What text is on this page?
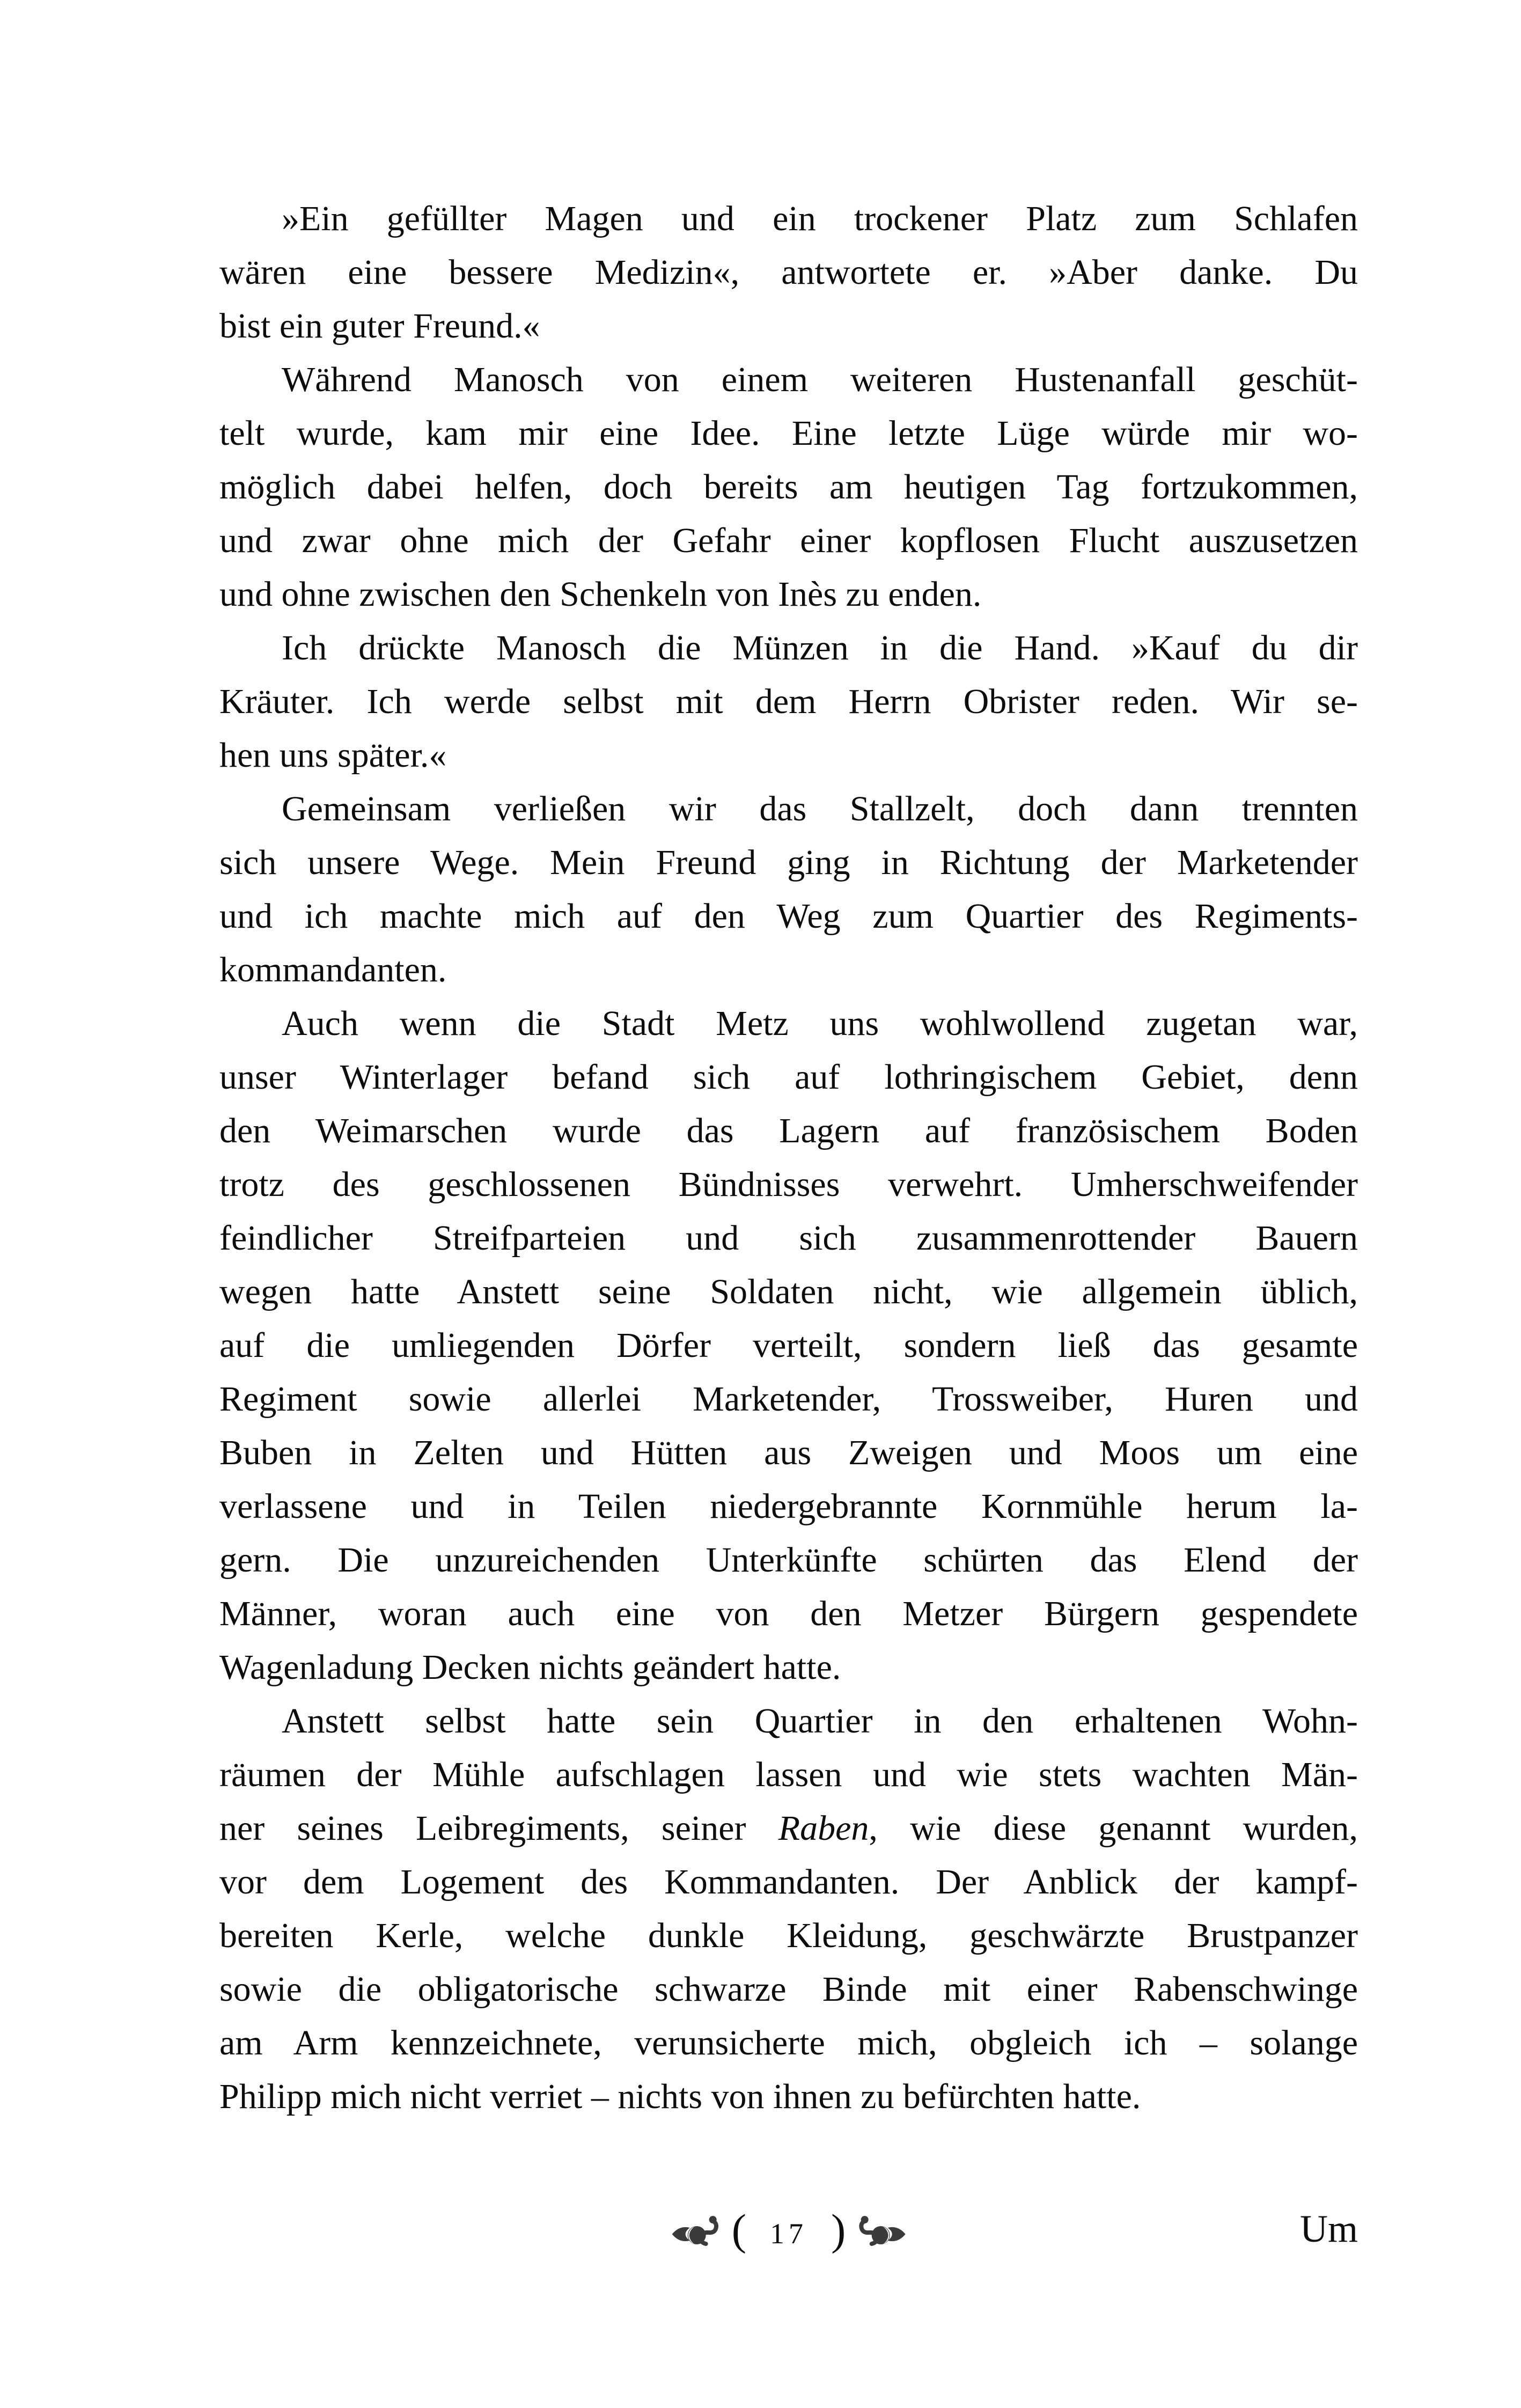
»Ein gefüllter Magen und ein trockener Platz zum Schlafen
wären eine bessere Medizin«, antwortete er. »Aber danke. Du
bist ein guter Freund.«
Während Manosch von einem weiteren Hustenanfall geschüt-
telt wurde, kam mir eine Idee. Eine letzte Lüge würde mir wo-
möglich dabei helfen, doch bereits am heutigen Tag fortzukommen,
und zwar ohne mich der Gefahr einer kopflosen Flucht auszusetzen
und ohne zwischen den Schenkeln von Inès zu enden.
Ich drückte Manosch die Münzen in die Hand. »Kauf du dir
Kräuter. Ich werde selbst mit dem Herrn Obrister reden. Wir se-
hen uns später.«
Gemeinsam verließen wir das Stallzelt, doch dann trennten
sich unsere Wege. Mein Freund ging in Richtung der Marketender
und ich machte mich auf den Weg zum Quartier des Regiments-
kommandanten.
Auch wenn die Stadt Metz uns wohlwollend zugetan war,
unser Winterlager befand sich auf lothringischem Gebiet, denn
den Weimarschen wurde das Lagern auf französischem Boden
trotz des geschlossenen Bündnisses verwehrt. Umherschweifender
feindlicher Streifparteien und sich zusammenrottender Bauern
wegen hatte Anstett seine Soldaten nicht, wie allgemein üblich,
auf die umliegenden Dörfer verteilt, sondern ließ das gesamte
Regiment sowie allerlei Marketender, Trossweiber, Huren und
Buben in Zelten und Hütten aus Zweigen und Moos um eine
verlassene und in Teilen niedergebrannte Kornmühle herum la-
gern. Die unzureichenden Unterkünfte schürten das Elend der
Männer, woran auch eine von den Metzer Bürgern gespendete
Wagenladung Decken nichts geändert hatte.
Anstett selbst hatte sein Quartier in den erhaltenen Wohn-
räumen der Mühle aufschlagen lassen und wie stets wachten Män-
ner seines Leibregiments, seiner Raben, wie diese genannt wurden,
vor dem Logement des Kommandanten. Der Anblick der kampf-
bereiten Kerle, welche dunkle Kleidung, geschwärzte Brustpanzer
sowie die obligatorische schwarze Binde mit einer Rabenschwinge
am Arm kennzeichnete, verunsicherte mich, obgleich ich – solange
Philipp mich nicht verriet – nichts von ihnen zu befürchten hatte.
( 17 )	Um
